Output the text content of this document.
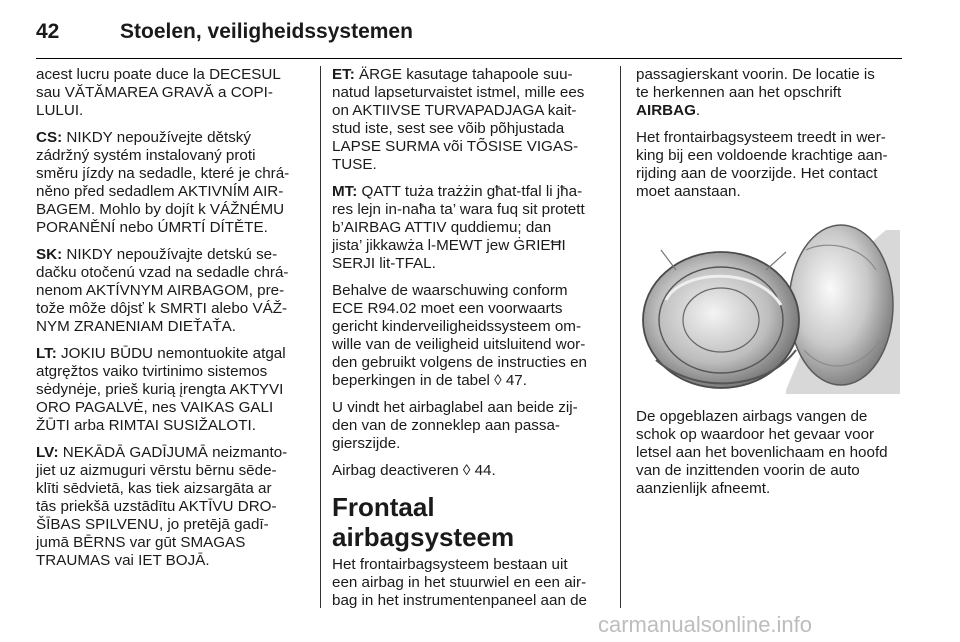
42	Stoelen, veiligheidssystemen

acest lucru poate duce la DECESUL
sau VĂTĂMAREA GRAVĂ a COPI-
LULUI.

CS: NIKDY nepoužívejte dětský
zádržný systém instalovaný proti
směru jízdy na sedadle, které je chrá-
něno před sedadlem AKTIVNÍM AIR-
BAGEM. Mohlo by dojít k VÁŽNÉMU
PORANĚNÍ nebo ÚMRTÍ DÍTĚTE.

SK: NIKDY nepoužívajte detskú se-
dačku otočenú vzad na sedadle chrá-
nenom AKTÍVNYM AIRBAGOM, pre-
tože môže dôjsť k SMRTI alebo VÁŽ-
NYM ZRANENIAM DIEŤAŤA.

LT: JOKIU BŪDU nemontuokite atgal
atgręžtos vaiko tvirtinimo sistemos
sėdynėje, prieš kurią įrengta AKTYVI
ORO PAGALVĖ, nes VAIKAS GALI
ŽŪTI arba RIMTAI SUSIŽALOTI.

LV: NEKĀDĀ GADĪJUMĀ neizmanto-
jiet uz aizmuguri vērstu bērnu sēde-
klīti sēdvietā, kas tiek aizsargāta ar
tās priekšā uzstādītu AKTĪVU DRO-
ŠĪBAS SPILVENU, jo pretējā gadī-
jumā BĒRNS var gūt SMAGAS
TRAUMAS vai IET BOJĀ.

ET: ÄRGE kasutage tahapoole suu-
natud lapseturvaistet istmel, mille ees
on AKTIIVSE TURVAPADJAGA kait-
stud iste, sest see võib põhjustada
LAPSE SURMA või TÕSISE VIGAS-
TUSE.

MT: QATT tuża trażżin għat-tfal li jħa-
res lejn in-naħa ta’ wara fuq sit protett
b’AIRBAG ATTIV quddiemu; dan
jista’ jikkawża l-MEWT jew ĠRIEĦI
SERJI lit-TFAL.

Behalve de waarschuwing conform
ECE R94.02 moet een voorwaarts
gericht kinderveiligheidssysteem om-
wille van de veiligheid uitsluitend wor-
den gebruikt volgens de instructies en
beperkingen in de tabel ◊ 47.

U vindt het airbaglabel aan beide zij-
den van de zonneklep aan passa-
gierszijde.

Airbag deactiveren ◊ 44.

Frontaal airbagsysteem

Het frontairbagsysteem bestaan uit
een airbag in het stuurwiel en een air-
bag in het instrumentenpaneel aan de

passagierskant voorin. De locatie is
te herkennen aan het opschrift
AIRBAG.

Het frontairbagsysteem treedt in wer-
king bij een voldoende krachtige aan-
rijding aan de voorzijde. Het contact
moet aanstaan.

De opgeblazen airbags vangen de
schok op waardoor het gevaar voor
letsel aan het bovenlichaam en hoofd
van de inzittenden voorin de auto
aanzienlijk afneemt.

carmanualsonline.info
